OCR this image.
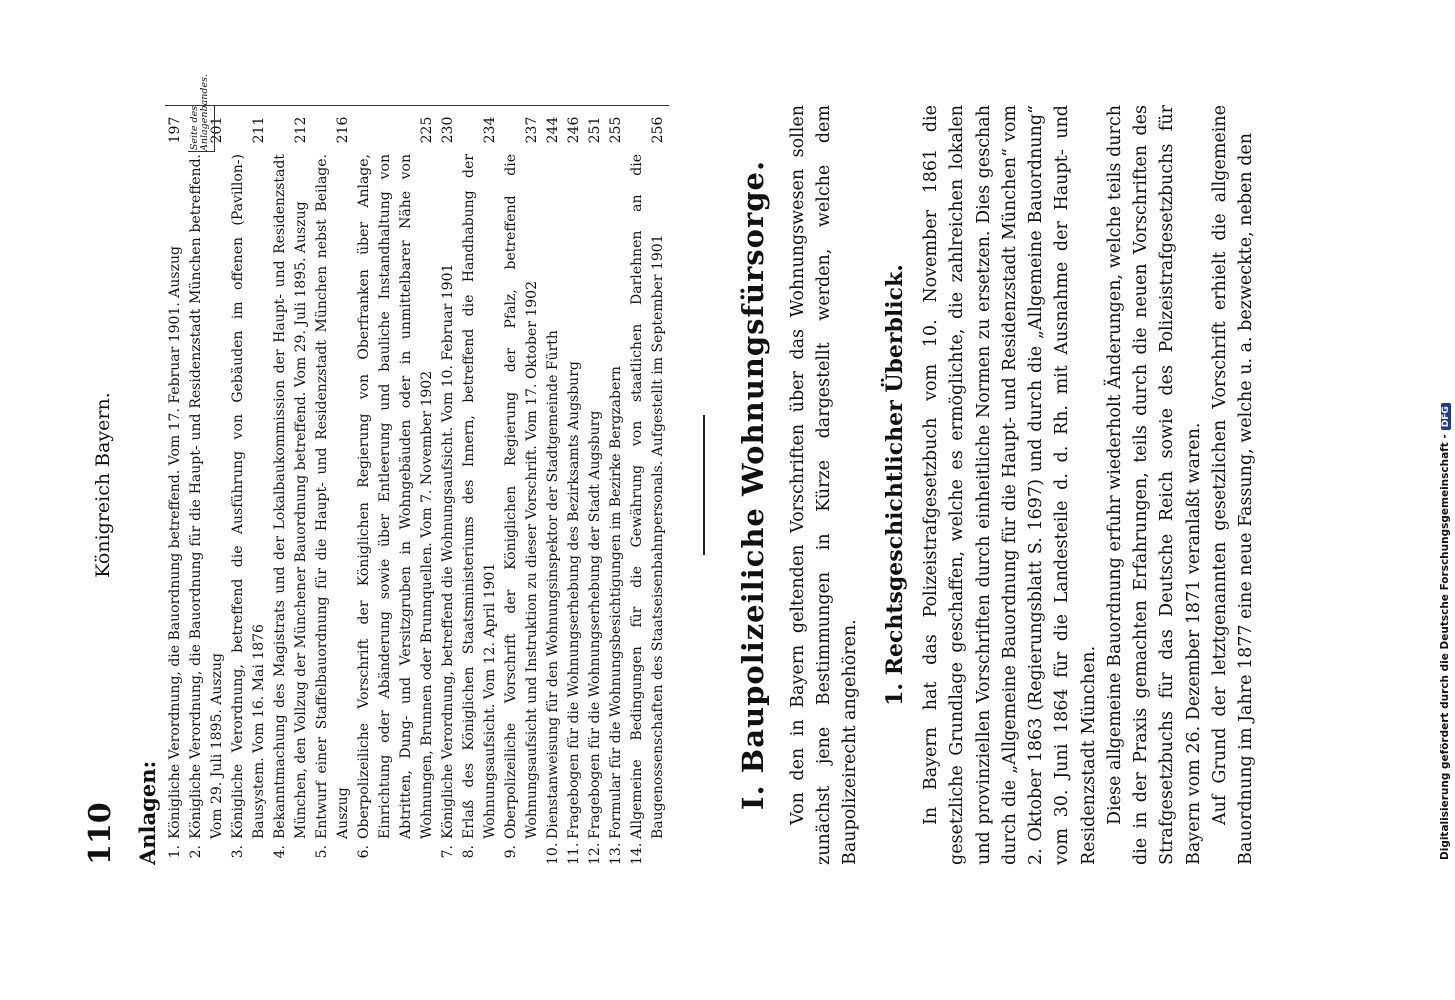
110
Königreich Bayern.
Anlagen:
Seite des Anlagenbandes.
1.
Königliche Verordnung, die Bauordnung betreffend. Vom 17. Februar 1901. Auszug
197
2.
Königliche Verordnung, die Bauordnung für die Haupt- und Residenzstadt München betreffend. Vom 29. Juli 1895. Auszug
201
3.
Königliche Verordnung, betreffend die Ausführung von Gebäuden im offenen (Pavillon-) Bausystem. Vom 16. Mai 1876
211
4.
Bekanntmachung des Magistrats und der Lokalbaukommission der Haupt- und Residenzstadt München, den Vollzug der Münchener Bauordnung betreffend. Vom 29. Juli 1895. Auszug
212
5.
Entwurf einer Staffelbauordnung für die Haupt- und Residenzstadt München nebst Beilage. Auszug
216
6.
Oberpolizeiliche Vorschrift der Königlichen Regierung von Oberfranken über Anlage, Einrichtung oder Abänderung sowie über Entleerung und bauliche Instandhaltung von Abtritten, Dung- und Versitzgruben in Wohngebäuden oder in unmittelbarer Nähe von Wohnungen, Brunnen oder Brunnquellen. Vom 7. November 1902
225
7.
Königliche Verordnung, betreffend die Wohnungsaufsicht. Vom 10. Februar 1901
230
8.
Erlaß des Königlichen Staatsministeriums des Innern, betreffend die Handhabung der Wohnungsaufsicht. Vom 12. April 1901
234
9.
Oberpolizeiliche Vorschrift der Königlichen Regierung der Pfalz, betreffend die Wohnungsaufsicht und Instruktion zu dieser Vorschrift. Vom 17. Oktober 1902
237
10.
Dienstanweisung für den Wohnungsinspektor der Stadtgemeinde Fürth
244
11.
Fragebogen für die Wohnungserhebung des Bezirksamts Augsburg
246
12.
Fragebogen für die Wohnungserhebung der Stadt Augsburg
251
13.
Formular für die Wohnungsbesichtigungen im Bezirke Bergzabern
255
14.
Allgemeine Bedingungen für die Gewährung von staatlichen Darlehnen an die Baugenossenschaften des Staatseisenbahnpersonals. Aufgestellt im September 1901
256
I. Baupolizeiliche Wohnungsfürsorge. Von den in Bayern geltenden Vorschriften über das Wohnungswesen sollen zunächst jene Bestimmungen in Kürze dargestellt werden, welche dem Baupolizeirecht angehören.

1. Rechtsgeschichtlicher Überblick. In Bayern hat das Polizeistrafgesetzbuch vom 10. November 1861 die gesetzliche Grundlage geschaffen, welche es ermöglichte, die zahlreichen lokalen und provinziellen Vorschriften durch einheitliche Normen zu ersetzen. Dies geschah durch die „Allgemeine Bauordnung für die Haupt- und Residenzstadt München“ vom 2. Oktober 1863 (Regierungsblatt S. 1697) und durch die „Allgemeine Bauordnung“ vom 30. Juni 1864 für die Landesteile d. d. Rh. mit Ausnahme der Haupt- und Residenzstadt München. Diese allgemeine Bauordnung erfuhr wiederholt Änderungen, welche teils durch die in der Praxis gemachten Erfahrungen, teils durch die neuen Vorschriften des Strafgesetzbuchs für das Deutsche Reich sowie des Polizeistrafgesetzbuchs für Bayern vom 26. Dezember 1871 veranlaßt waren. Auf Grund der letztgenannten gesetzlichen Vorschrift erhielt die allgemeine Bauordnung im Jahre 1877 eine neue Fassung, welche u. a. bezweckte, neben den	Digitalisierung gefördert durch die Deutsche Forschungsgemeinschaft -DFG
